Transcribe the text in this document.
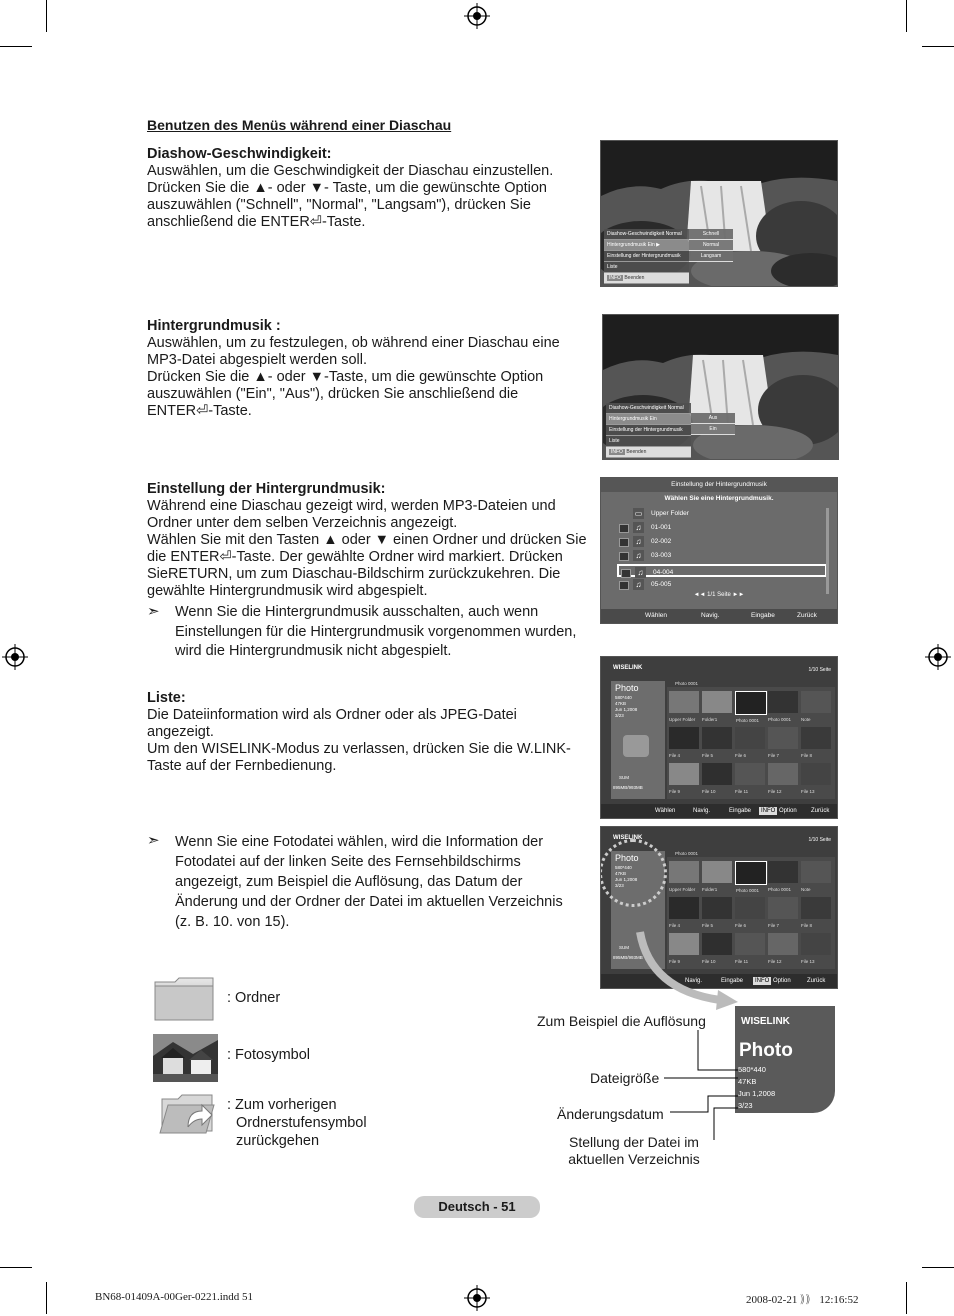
Benutzen des Menüs während einer Diaschau
Diashow-Geschwindigkeit:
Auswählen, um die Geschwindigkeit der Diaschau einzustellen.
Drücken Sie die ▲- oder ▼- Taste, um die gewünschte Option
auszuwählen ("Schnell", "Normal", "Langsam"), drücken Sie
anschließend die ENTER⏎-Taste.
Hintergrundmusik :
Auswählen, um zu festzulegen, ob während einer Diaschau eine
MP3-Datei abgespielt werden soll.
Drücken Sie die ▲- oder ▼-Taste, um die gewünschte Option
auszuwählen ("Ein", "Aus"), drücken Sie anschließend die
ENTER⏎-Taste.
Einstellung der Hintergrundmusik:
Während eine Diaschau gezeigt wird, werden MP3-Dateien und
Ordner unter dem selben Verzeichnis angezeigt.
Wählen Sie mit den Tasten ▲ oder ▼ einen Ordner und drücken Sie
die ENTER⏎-Taste. Der gewählte Ordner wird markiert. Drücken
SieRETURN, um zum Diaschau-Bildschirm zurückzukehren. Die
gewählte Hintergrundmusik wird abgespielt.
➣ Wenn Sie die Hintergrundmusik ausschalten, auch wenn
Einstellungen für die Hintergrundmusik vorgenommen wurden,
wird die Hintergrundmusik nicht abgespielt.
Liste:
Die Dateiinformation wird als Ordner oder als JPEG-Datei
angezeigt.
Um den WISELINK-Modus zu verlassen, drücken Sie die W.LINK-
Taste auf der Fernbedienung.
➣ Wenn Sie eine Fotodatei wählen, wird die Information der
Fotodatei auf der linken Seite des Fernsehbildschirms
angezeigt, zum Beispiel die Auflösung, das Datum der
Änderung und der Ordner der Datei im aktuellen Verzeichnis
(z. B. 10. von 15).
: Ordner
: Fotosymbol
: Zum vorherigen
Ordnerstufensymbol
zurückgehen
Diashow-Geschwindigkeit Normal
Hintergrundmusik Ein ▶
Einstellung der Hintergrundmusik
Liste
INFO Beenden
Schnell
Normal
Langsam
Diashow-Geschwindigkeit Normal
Hintergrundmusik Ein
Einstellung der Hintergrundmusik
Liste
INFO Beenden
Aus
Ein
Einstellung der Hintergrundmusik
Wählen Sie eine Hintergrundmusik.
▭ Upper Folder
♫	01-001
♫	02-002
♫	03-003
♫	04-004
♫	05-005
◄◄ 1/1 Seite ►►
Wählen	Navig.	Eingabe	Zurück
WISELINK	1/10 Seite
Photo
580*440
47KB
Jun 1,2008
3/23
SUM
895MB/993MB
Photo 0001
Upper Folder Folder1	Photo 0001 Photo 0001 Note
File 4	File 5	File 6	File 7	File 8
File 9	File 10	File 11	File 12	File 13
Wählen	Navig.	Eingabe	INFO Option Zurück
WISELINK	1/10 Seite
Photo
580*440
47KB
Jun 1,2008
3/23
SUM
895MB/993MB
Photo 0001
Upper Folder Folder1	Photo 0001 Photo 0001 Note
File 4	File 5	File 6	File 7	File 8
File 9	File 10	File 11	File 12	File 13
Navig.	Eingabe	INFO Option	Zurück
WISELINK
Photo
580*440
47KB
Jun 1,2008
3/23
Zum Beispiel die Auflösung
Dateigröße
Änderungsdatum
Stellung der Datei im
aktuellen Verzeichnis
Deutsch - 51
BN68-01409A-00Ger-0221.indd 51	2008-02-21 ｠｠ 12:16:52
